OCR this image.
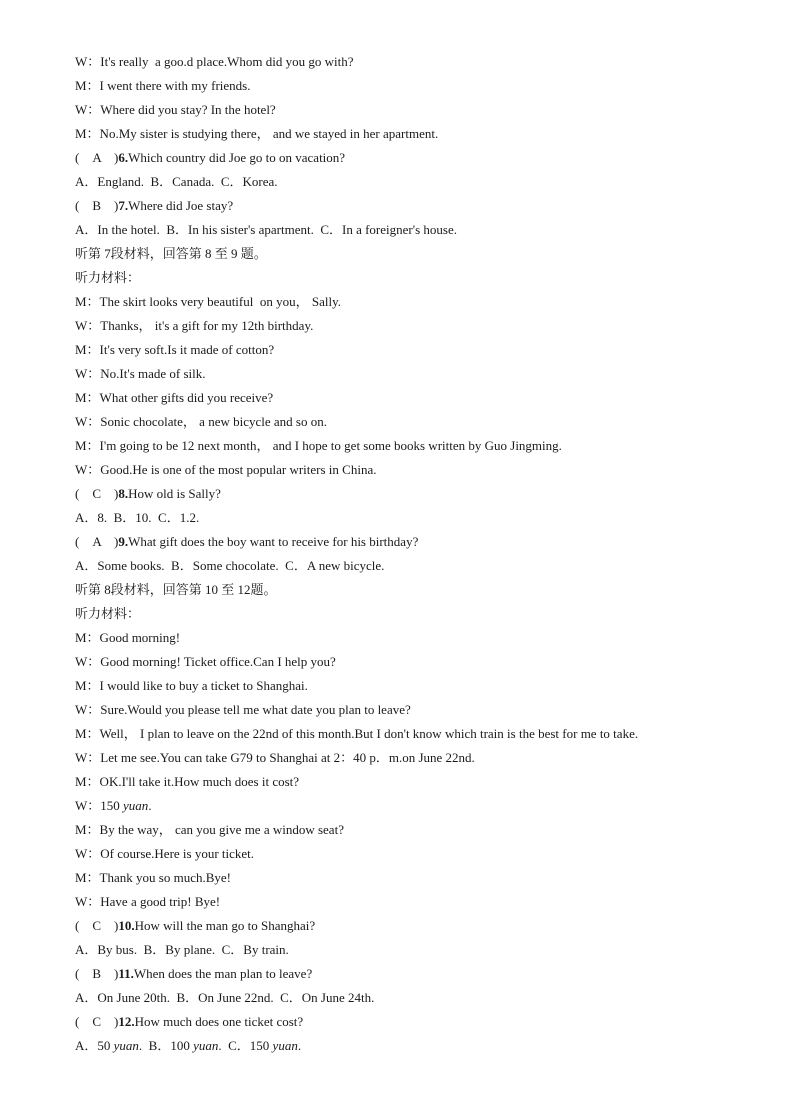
W：It's really  a goo.d place.Whom did you go with?
M：I went there with my friends.
W：Where did you stay? In the hotel?
M：No.My sister is studying there， and we stayed in her apartment.
(　A　)6.Which country did Joe go to on vacation?
A．England.  B．Canada.  C．Korea.
(　B　)7.Where did Joe stay?
A．In the hotel.  B．In his sister's apartment.  C．In a foreigner's house.
听第 7段材料，回答第 8 至 9 题。
听力材料：
M：The skirt looks very beautiful  on you， Sally.
W：Thanks， it's a gift for my 12th birthday.
M：It's very soft.Is it made of cotton?
W：No.It's made of silk.
M：What other gifts did you receive?
W：Sonic chocolate， a new bicycle and so on.
M：I'm going to be 12 next month， and I hope to get some books written by Guo Jingming.
W：Good.He is one of the most popular writers in China.
(　C　)8.How old is Sally?
A．8.  B．10.  C．1.2.
(　A　)9.What gift does the boy want to receive for his birthday?
A．Some books.  B．Some chocolate.  C．A new bicycle.
听第 8段材料，回答第 10 至 12题。
听力材料：
M：Good morning!
W：Good morning! Ticket office.Can I help you?
M：I would like to buy a ticket to Shanghai.
W：Sure.Would you please tell me what date you plan to leave?
M：Well， I plan to leave on the 22nd of this month.But I don't know which train is the best for me to take.
W：Let me see.You can take G79 to Shanghai at 2：40 p．m.on June 22nd.
M：OK.I'll take it.How much does it cost?
W：150 yuan.
M：By the way， can you give me a window seat?
W：Of course.Here is your ticket.
M：Thank you so much.Bye!
W：Have a good trip! Bye!
(　C　)10.How will the man go to Shanghai?
A．By bus.  B．By plane.  C．By train.
(　B　)11.When does the man plan to leave?
A．On June 20th.  B．On June 22nd.  C．On June 24th.
(　C　)12.How much does one ticket cost?
A．50 yuan.  B．100 yuan.  C．150 yuan.
